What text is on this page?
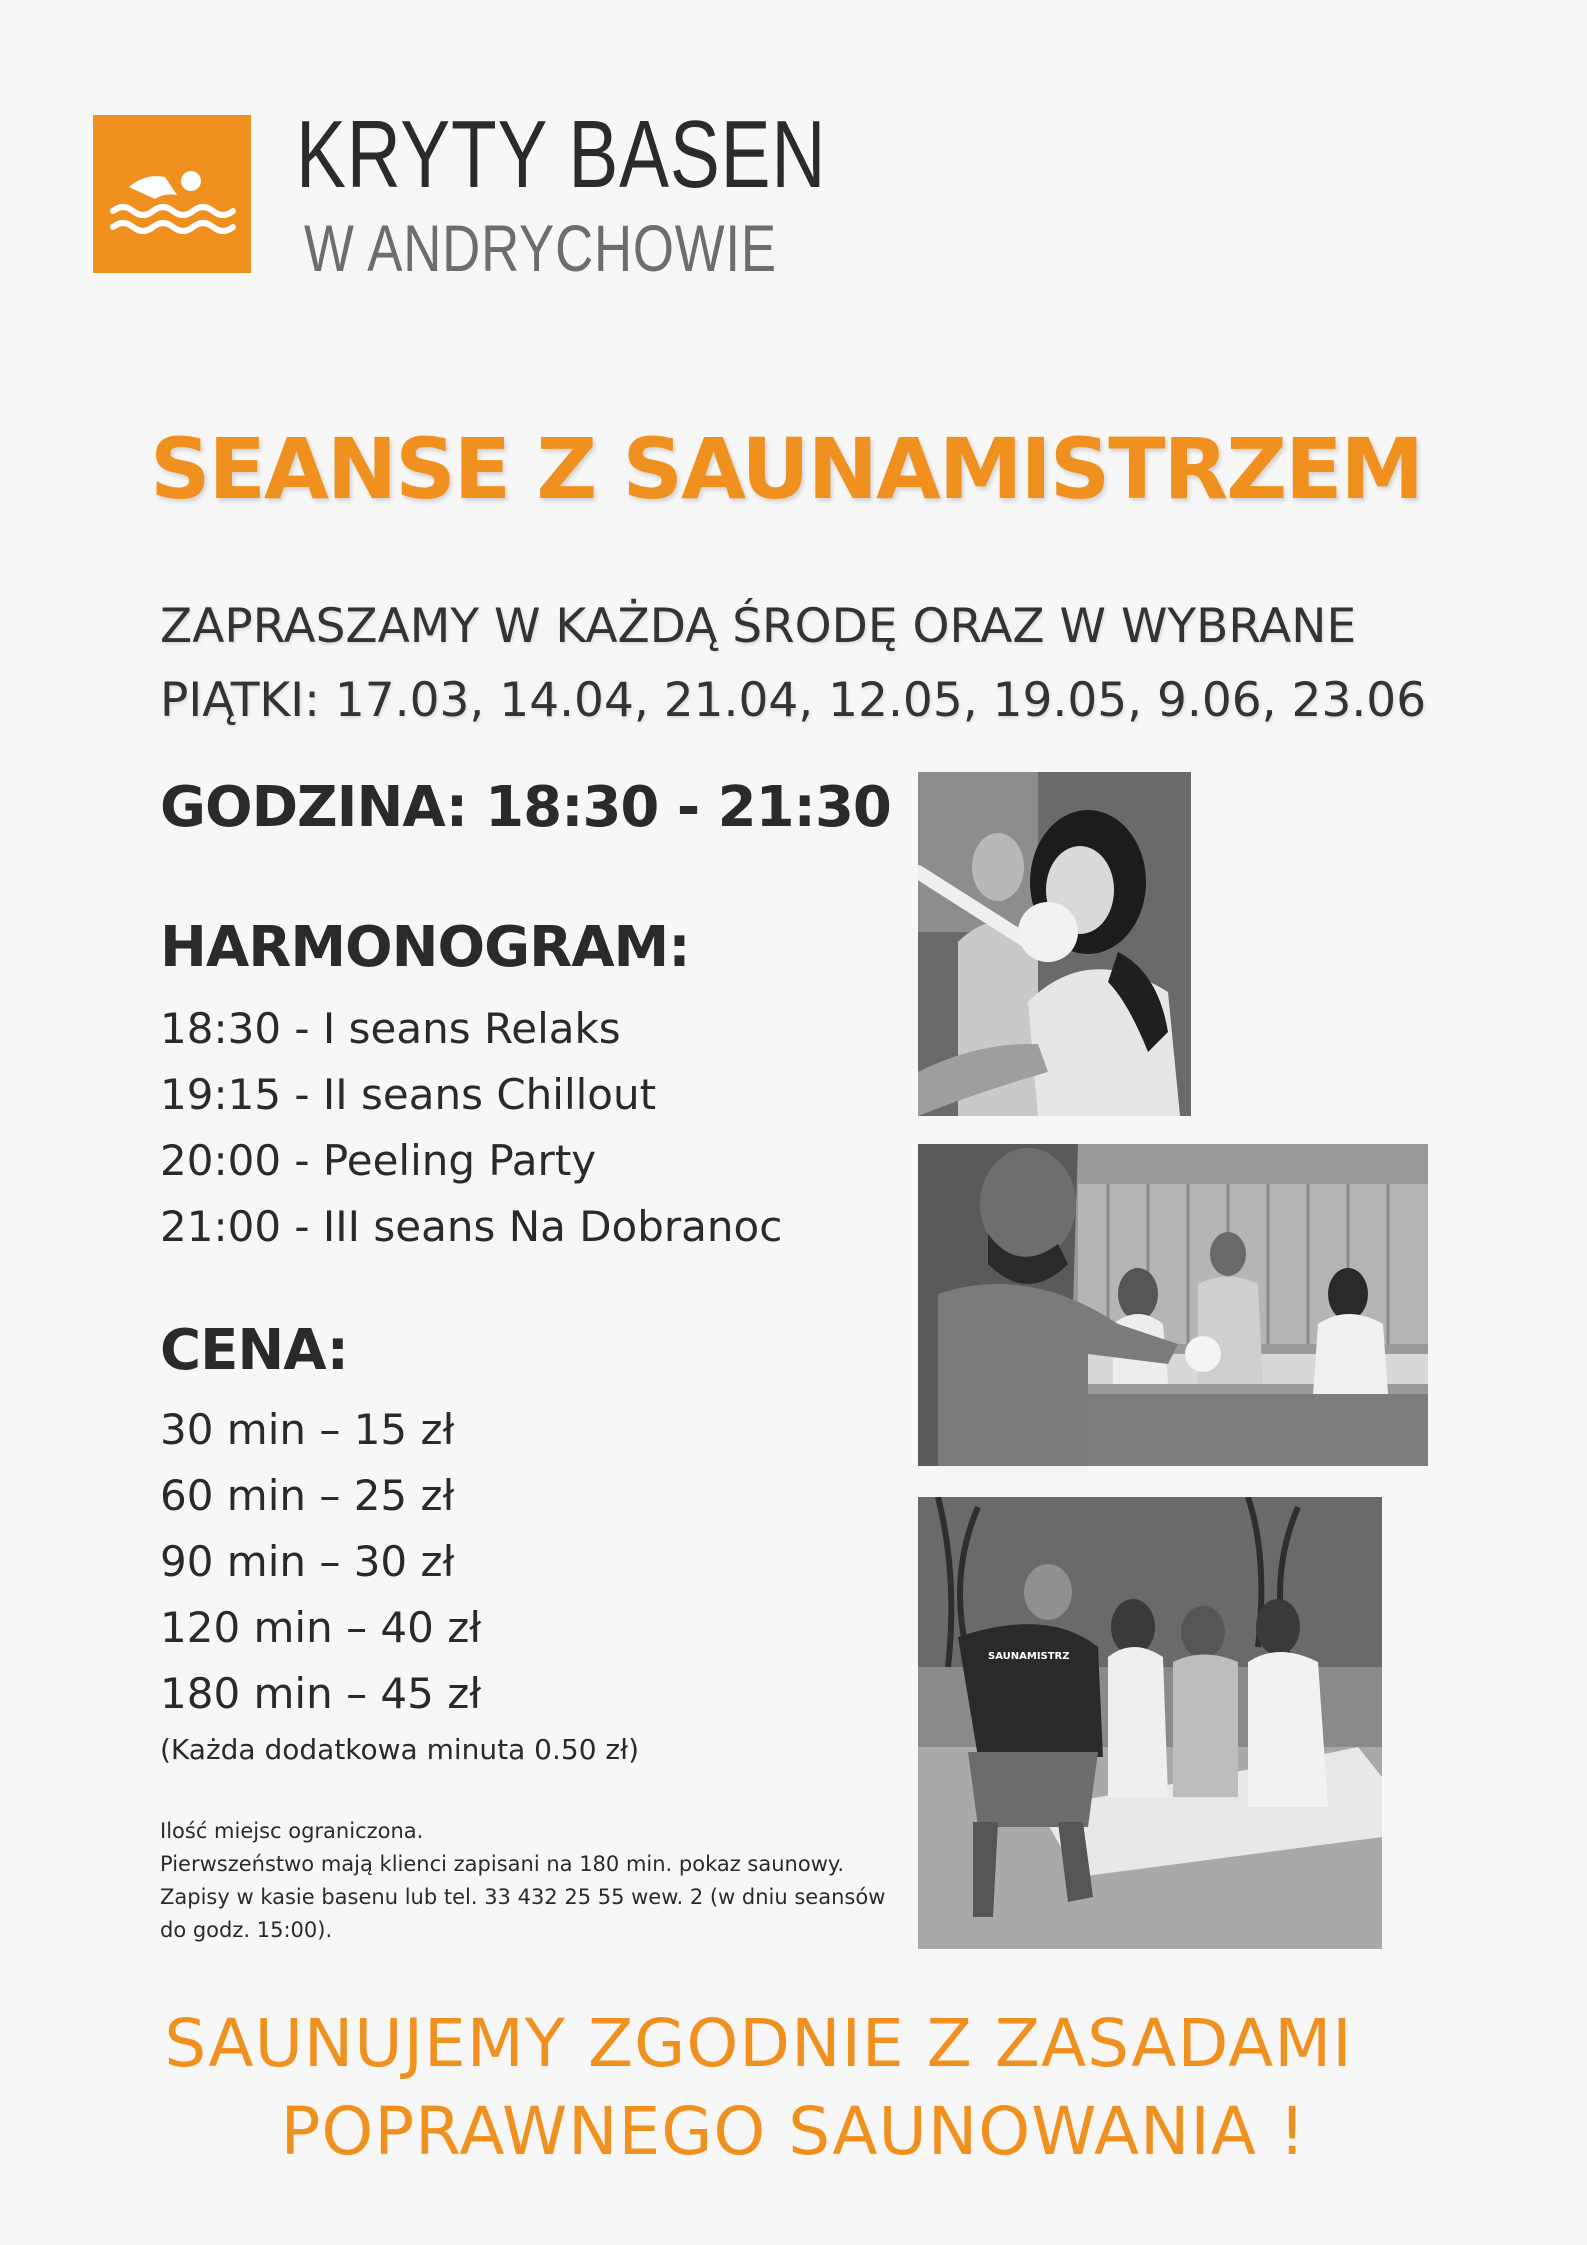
KRYTY BASEN
W ANDRYCHOWIE
SEANSE Z SAUNAMISTRZEM
ZAPRASZAMY W KAŻDĄ ŚRODĘ ORAZ W WYBRANE
PIĄTKI: 17.03, 14.04, 21.04, 12.05, 19.05, 9.06, 23.06
GODZINA: 18:30 - 21:30
HARMONOGRAM:
18:30 - I seans Relaks
19:15 - II seans Chillout
20:00 - Peeling Party
21:00 - III seans Na Dobranoc
CENA:
30 min – 15 zł
60 min – 25 zł
90 min – 30 zł
120 min – 40 zł
180 min – 45 zł
(Każda dodatkowa minuta 0.50 zł)
Ilość miejsc ograniczona.
Pierwszeństwo mają klienci zapisani na 180 min. pokaz saunowy.
Zapisy w kasie basenu lub tel. 33 432 25 55 wew. 2 (w dniu seansów
do godz. 15:00).
SAUNAMISTRZ
SAUNUJEMY ZGODNIE Z ZASADAMI
POPRAWNEGO SAUNOWANIA !
